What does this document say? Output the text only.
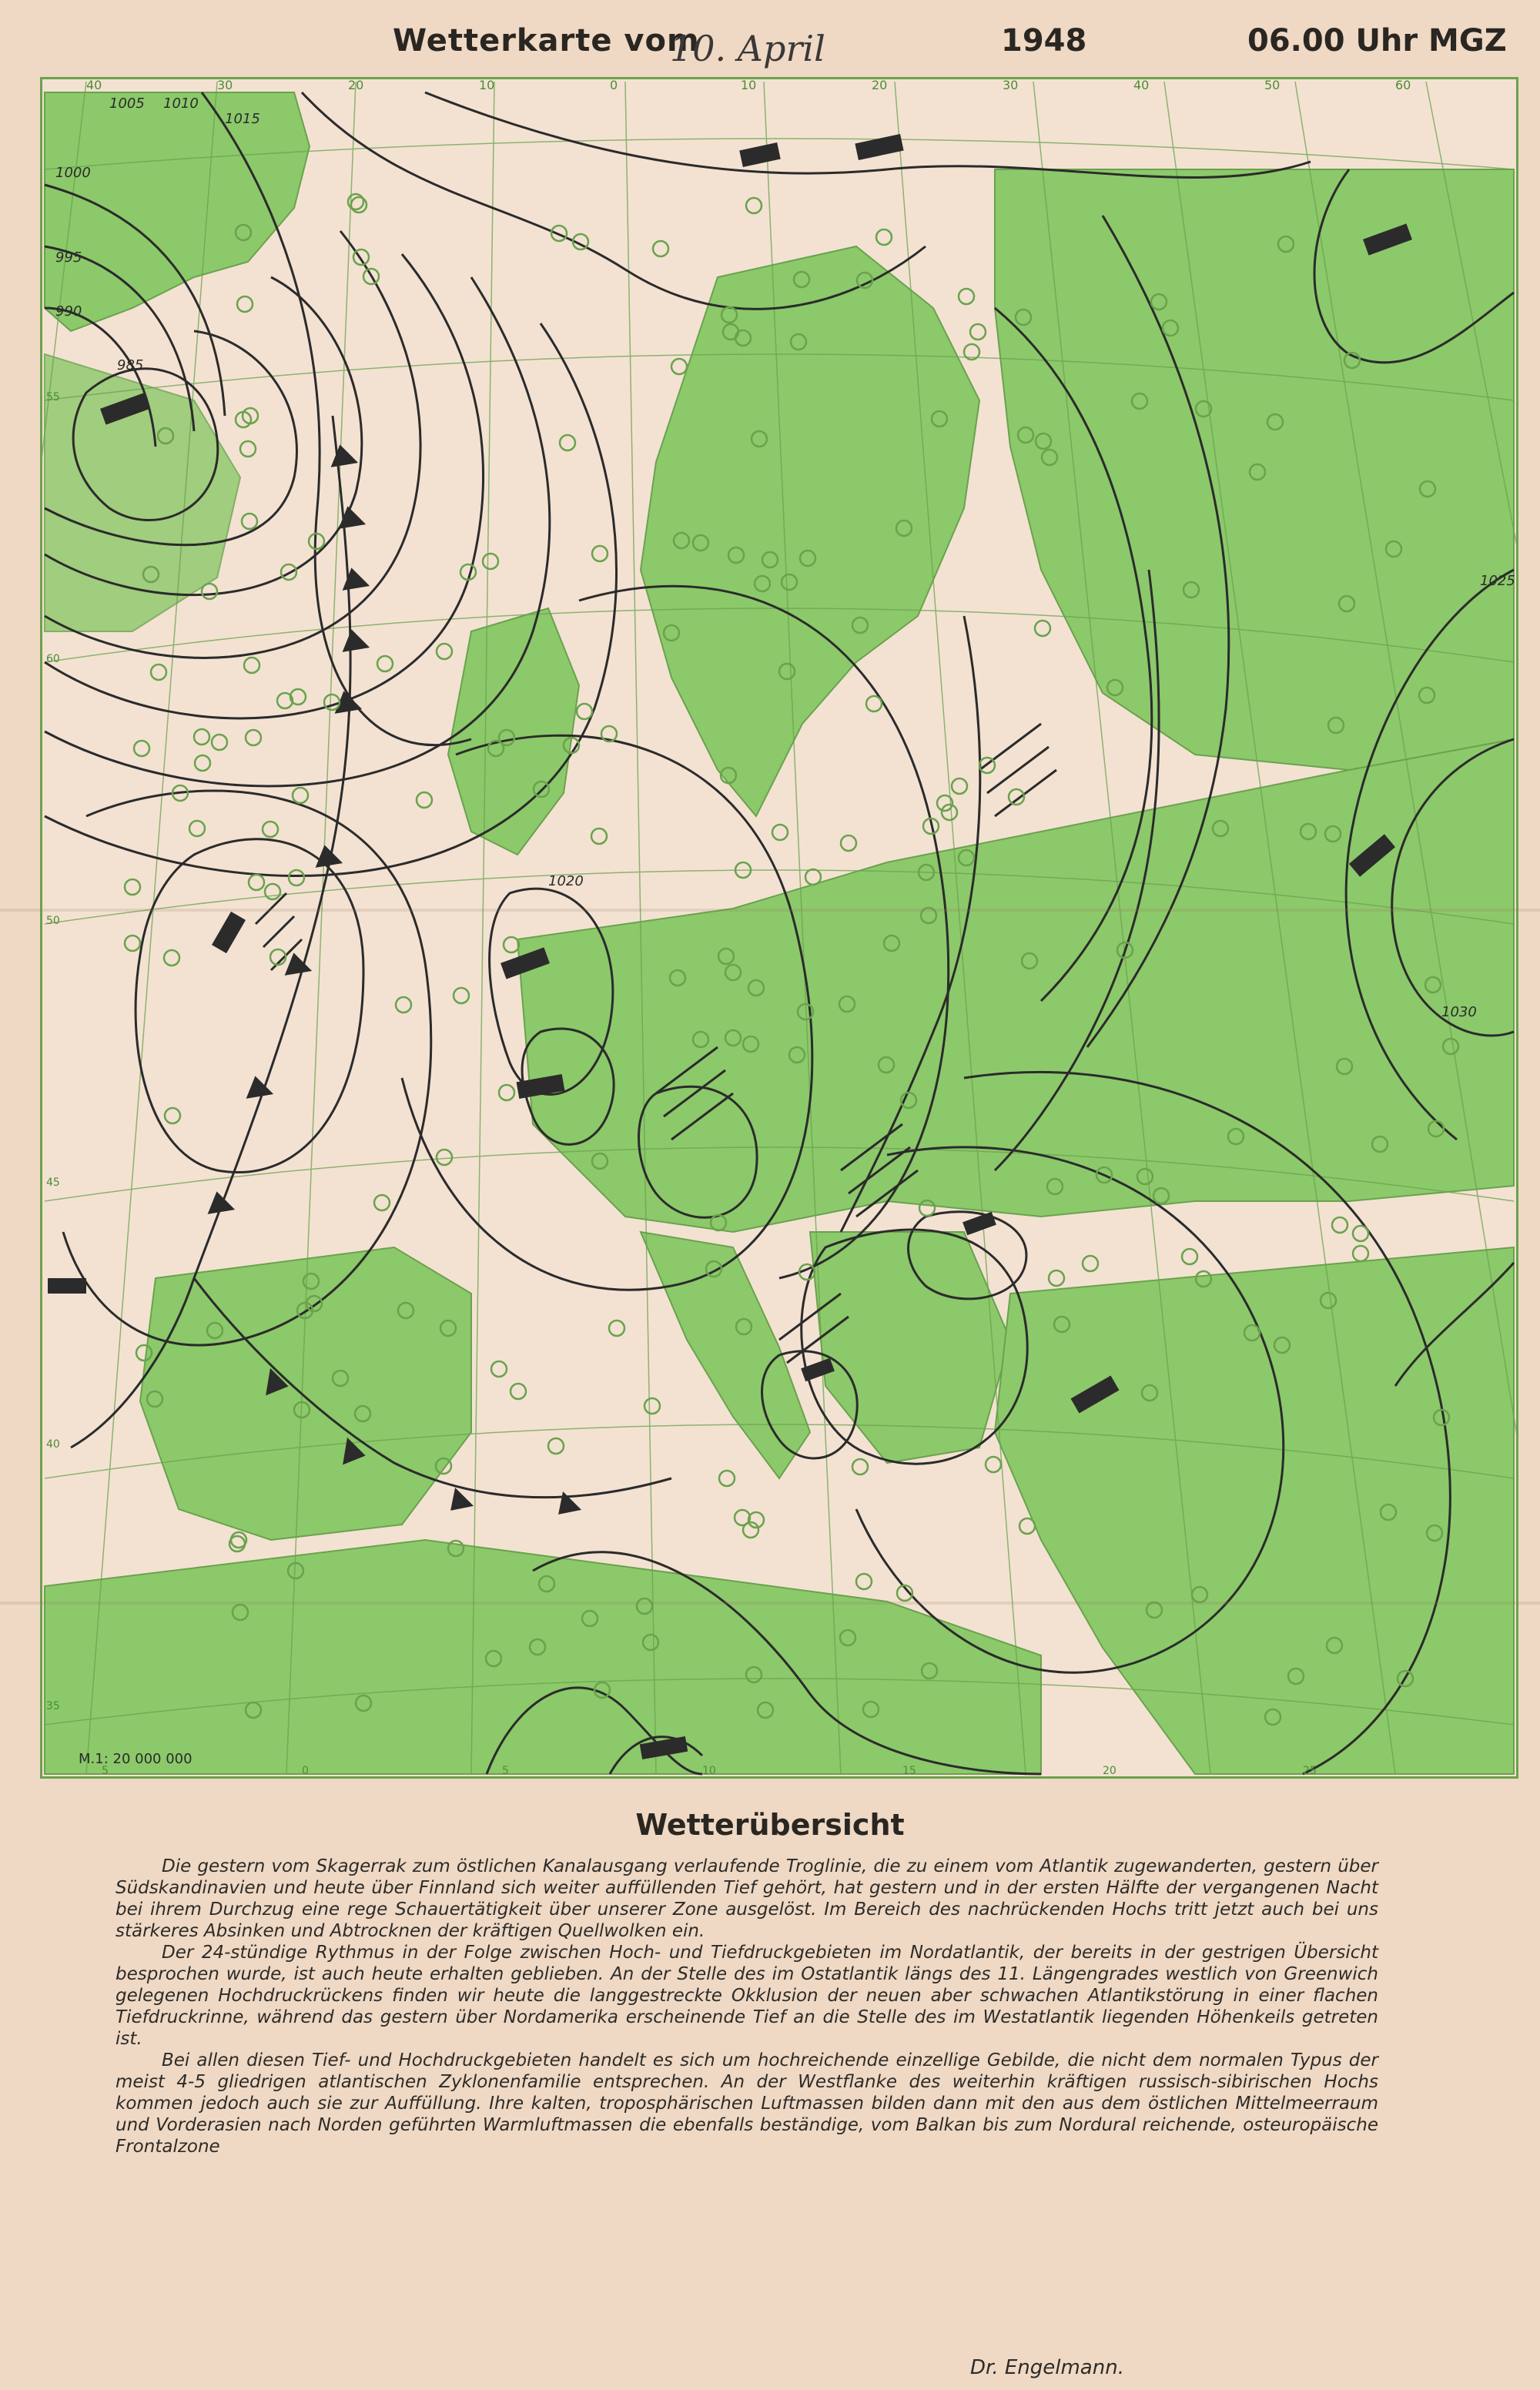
Wetterkarte vom
10. April	1948	06.00 Uhr MGZ
1005 1010
1015
1000
995
990
985
1020
1025
1030
40	30	20	10	0	10	20	30	40	50	60
5	0	5	10	15	20	25
55
60
50
45
40
35
M.1: 20 000 000
Wetterübersicht

Die gestern vom Skagerrak zum östlichen Kanalausgang verlaufende Troglinie, die zu einem vom Atlantik zugewanderten, gestern über Südskandinavien und heute über Finnland sich weiter auffüllenden Tief gehört, hat gestern und in der ersten Hälfte der vergangenen Nacht bei ihrem Durchzug eine rege Schauertätigkeit über unserer Zone ausgelöst. Im Bereich des nachrückenden Hochs tritt jetzt auch bei uns stärkeres Absinken und Abtrocknen der kräftigen Quellwolken ein.

Der 24-stündige Rythmus in der Folge zwischen Hoch- und Tiefdruckgebieten im Nordatlantik, der bereits in der gestrigen Übersicht besprochen wurde, ist auch heute erhalten geblieben. An der Stelle des im Ostatlantik längs des 11. Längengrades westlich von Greenwich gelegenen Hochdruckrückens finden wir heute die langgestreckte Okklusion der neuen aber schwachen Atlantikstörung in einer flachen Tiefdruckrinne, während das gestern über Nordamerika erscheinende Tief an die Stelle des im Westatlantik liegenden Höhenkeils getreten ist.

Bei allen diesen Tief- und Hochdruckgebieten handelt es sich um hochreichende einzellige Gebilde, die nicht dem normalen Typus der meist 4-5 gliedrigen atlantischen Zyklonenfamilie entsprechen. An der Westflanke des weiterhin kräftigen russisch-sibirischen Hochs kommen jedoch auch sie zur Auffüllung. Ihre kalten, troposphärischen Luftmassen bilden dann mit den aus dem östlichen Mittelmeerraum und Vorderasien nach Norden geführten Warmluftmassen die ebenfalls beständige, vom Balkan bis zum Nordural reichende, osteuropäische Frontalzone

Dr. Engelmann.
